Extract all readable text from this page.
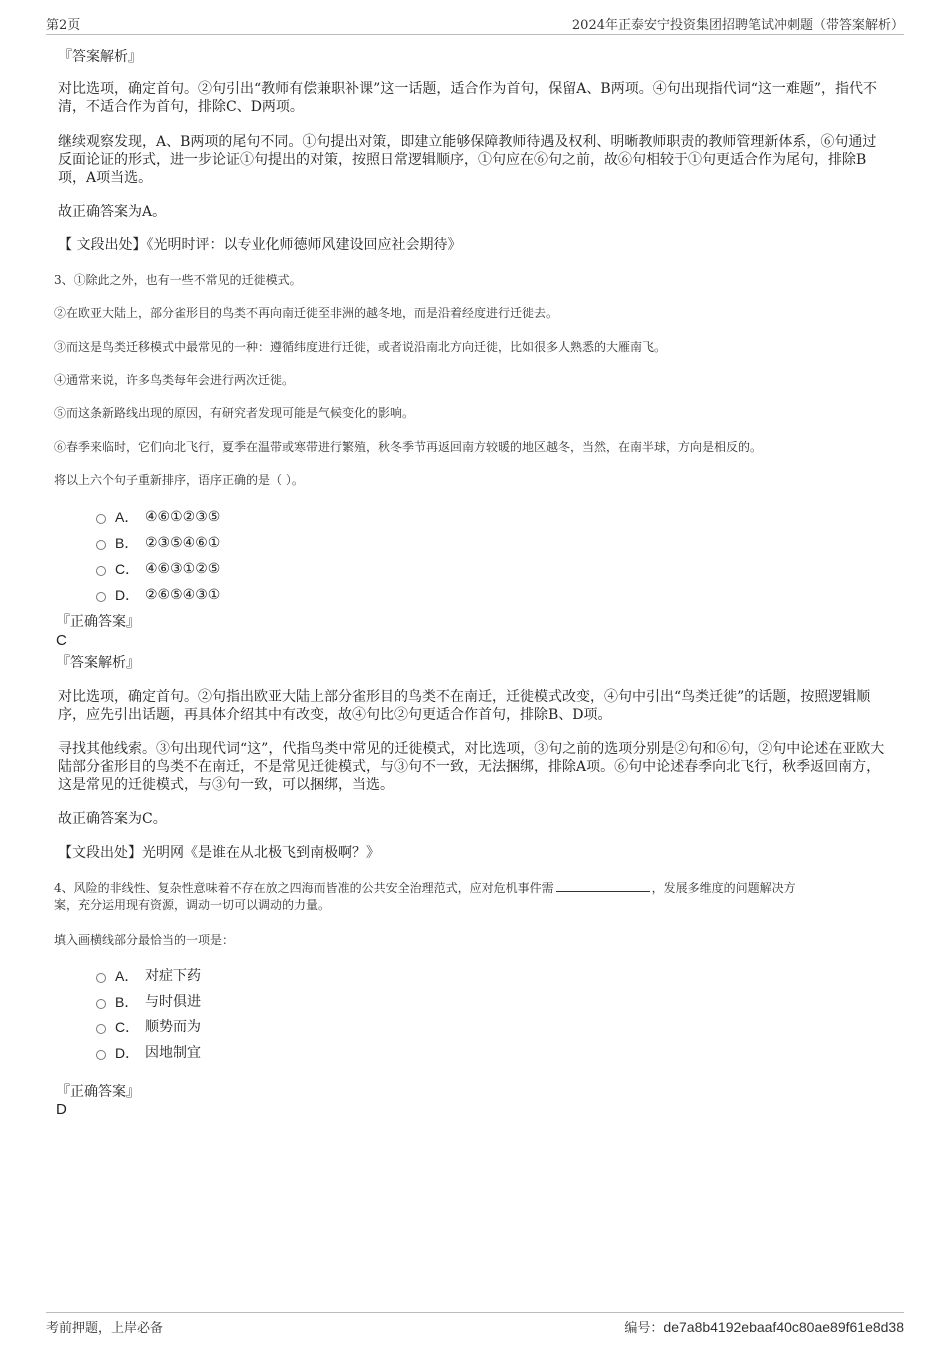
第2页	2024年正泰安宁投资集团招聘笔试冲刺题（带答案解析）

『答案解析』

对比选项，确定首句。②句引出“教师有偿兼职补课”这一话题，适合作为首句，保留A、B两项。④句出现指代词“这一难题”，指代不清，不适合作为首句，排除C、D两项。

继续观察发现，A、B两项的尾句不同。①句提出对策，即建立能够保障教师待遇及权利、明晰教师职责的教师管理新体系，⑥句通过反面论证的形式，进一步论证①句提出的对策，按照日常逻辑顺序，①句应在⑥句之前，故⑥句相较于①句更适合作为尾句，排除B项，A项当选。

故正确答案为A。

【 文段出处】《光明时评：以专业化师德师风建设回应社会期待》

3、①除此之外，也有一些不常见的迁徙模式。

②在欧亚大陆上，部分雀形目的鸟类不再向南迁徙至非洲的越冬地，而是沿着经度进行迁徙去。

③而这是鸟类迁移模式中最常见的一种：遵循纬度进行迁徙，或者说沿南北方向迁徙，比如很多人熟悉的大雁南飞。

④通常来说，许多鸟类每年会进行两次迁徙。

⑤而这条新路线出现的原因，有研究者发现可能是气候变化的影响。

⑥春季来临时，它们向北飞行，夏季在温带或寒带进行繁殖，秋冬季节再返回南方较暖的地区越冬，当然，在南半球，方向是相反的。

将以上六个句子重新排序，语序正确的是（ ）。

A． ④⑥①②③⑤
B． ②③⑤④⑥①
C． ④⑥③①②⑤
D． ②⑥⑤④③①

『正确答案』

C

『答案解析』

对比选项，确定首句。②句指出欧亚大陆上部分雀形目的鸟类不在南迁，迁徙模式改变，④句中引出“鸟类迁徙”的话题，按照逻辑顺序，应先引出话题，再具体介绍其中有改变，故④句比②句更适合作首句，排除B、D项。

寻找其他线索。③句出现代词“这”，代指鸟类中常见的迁徙模式，对比选项，③句之前的选项分别是②句和⑥句，②句中论述在亚欧大陆部分雀形目的鸟类不在南迁，不是常见迁徙模式，与③句不一致，无法捆绑，排除A项。⑥句中论述春季向北飞行，秋季返回南方，这是常见的迁徙模式，与③句一致，可以捆绑，当选。

故正确答案为C。

【文段出处】光明网《是谁在从北极飞到南极啊？》

4、风险的非线性、复杂性意味着不存在放之四海而皆准的公共安全治理范式，应对危机事件需	，发展多维度的问题解决方
案，充分运用现有资源，调动一切可以调动的力量。

填入画横线部分最恰当的一项是：

A． 对症下药
B． 与时俱进
C． 顺势而为
D． 因地制宜

『正确答案』

D
考前押题，上岸必备	编号：de7a8b4192ebaaf40c80ae89f61e8d38
